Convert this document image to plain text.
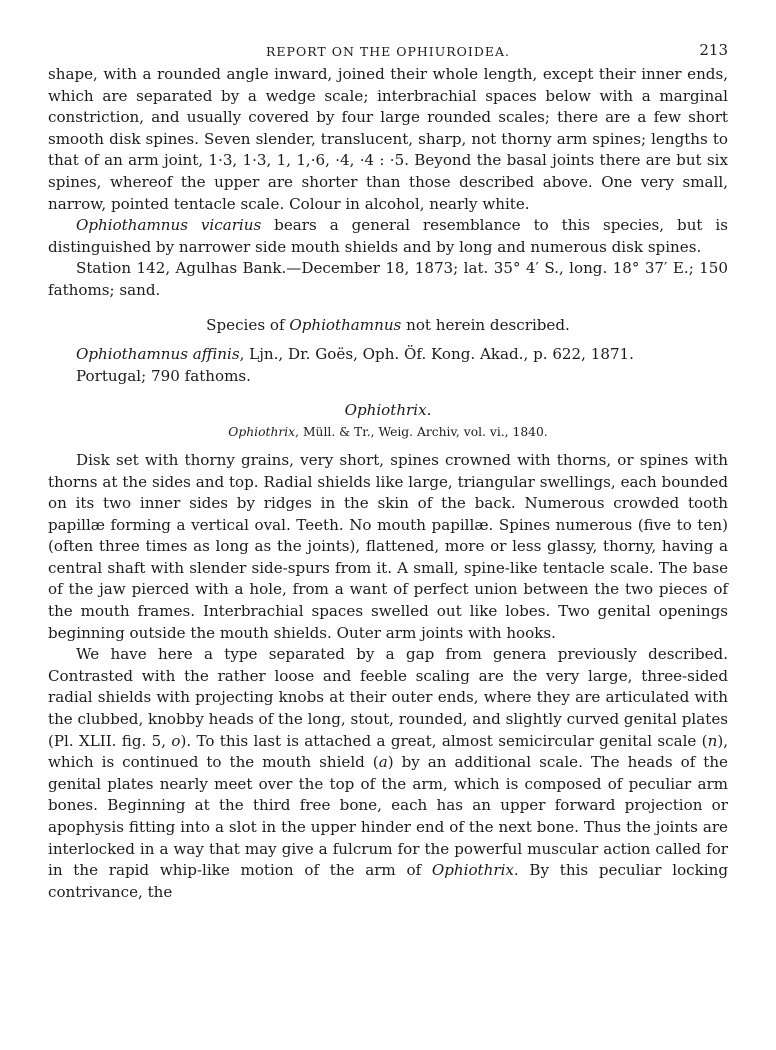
REPORT ON THE OPHIUROIDEA.	213

shape, with a rounded angle inward, joined their whole length, except their inner ends, which are separated by a wedge scale; interbrachial spaces below with a marginal constriction, and usually covered by four large rounded scales; there are a few short smooth disk spines. Seven slender, translucent, sharp, not thorny arm spines; lengths to that of an arm joint, 1·3, 1·3, 1, 1,·6, ·4, ·4 : ·5. Beyond the basal joints there are but six spines, whereof the upper are shorter than those described above. One very small, narrow, pointed tentacle scale. Colour in alcohol, nearly white.

Ophiothamnus vicarius bears a general resemblance to this species, but is distinguished by narrower side mouth shields and by long and numerous disk spines.

Station 142, Agulhas Bank.—December 18, 1873; lat. 35° 4′ S., long. 18° 37′ E.; 150 fathoms; sand.

Species of Ophiothamnus not herein described.

Ophiothamnus affinis, Ljn., Dr. Goës, Oph. Öf. Kong. Akad., p. 622, 1871.

Portugal; 790 fathoms.

Ophiothrix.

Ophiothrix, Müll. & Tr., Weig. Archiv, vol. vi., 1840.

Disk set with thorny grains, very short, spines crowned with thorns, or spines with thorns at the sides and top. Radial shields like large, triangular swellings, each bounded on its two inner sides by ridges in the skin of the back. Numerous crowded tooth papillæ forming a vertical oval. Teeth. No mouth papillæ. Spines numerous (five to ten) (often three times as long as the joints), flattened, more or less glassy, thorny, having a central shaft with slender side-spurs from it. A small, spine-like tentacle scale. The base of the jaw pierced with a hole, from a want of perfect union between the two pieces of the mouth frames. Interbrachial spaces swelled out like lobes. Two genital openings beginning outside the mouth shields. Outer arm joints with hooks.

We have here a type separated by a gap from genera previously described. Contrasted with the rather loose and feeble scaling are the very large, three-sided radial shields with projecting knobs at their outer ends, where they are articulated with the clubbed, knobby heads of the long, stout, rounded, and slightly curved genital plates (Pl. XLII. fig. 5, o). To this last is attached a great, almost semicircular genital scale (n), which is continued to the mouth shield (a) by an additional scale. The heads of the genital plates nearly meet over the top of the arm, which is composed of peculiar arm bones. Beginning at the third free bone, each has an upper forward projection or apophysis fitting into a slot in the upper hinder end of the next bone. Thus the joints are interlocked in a way that may give a fulcrum for the powerful muscular action called for in the rapid whip-like motion of the arm of Ophiothrix. By this peculiar locking contrivance, the
